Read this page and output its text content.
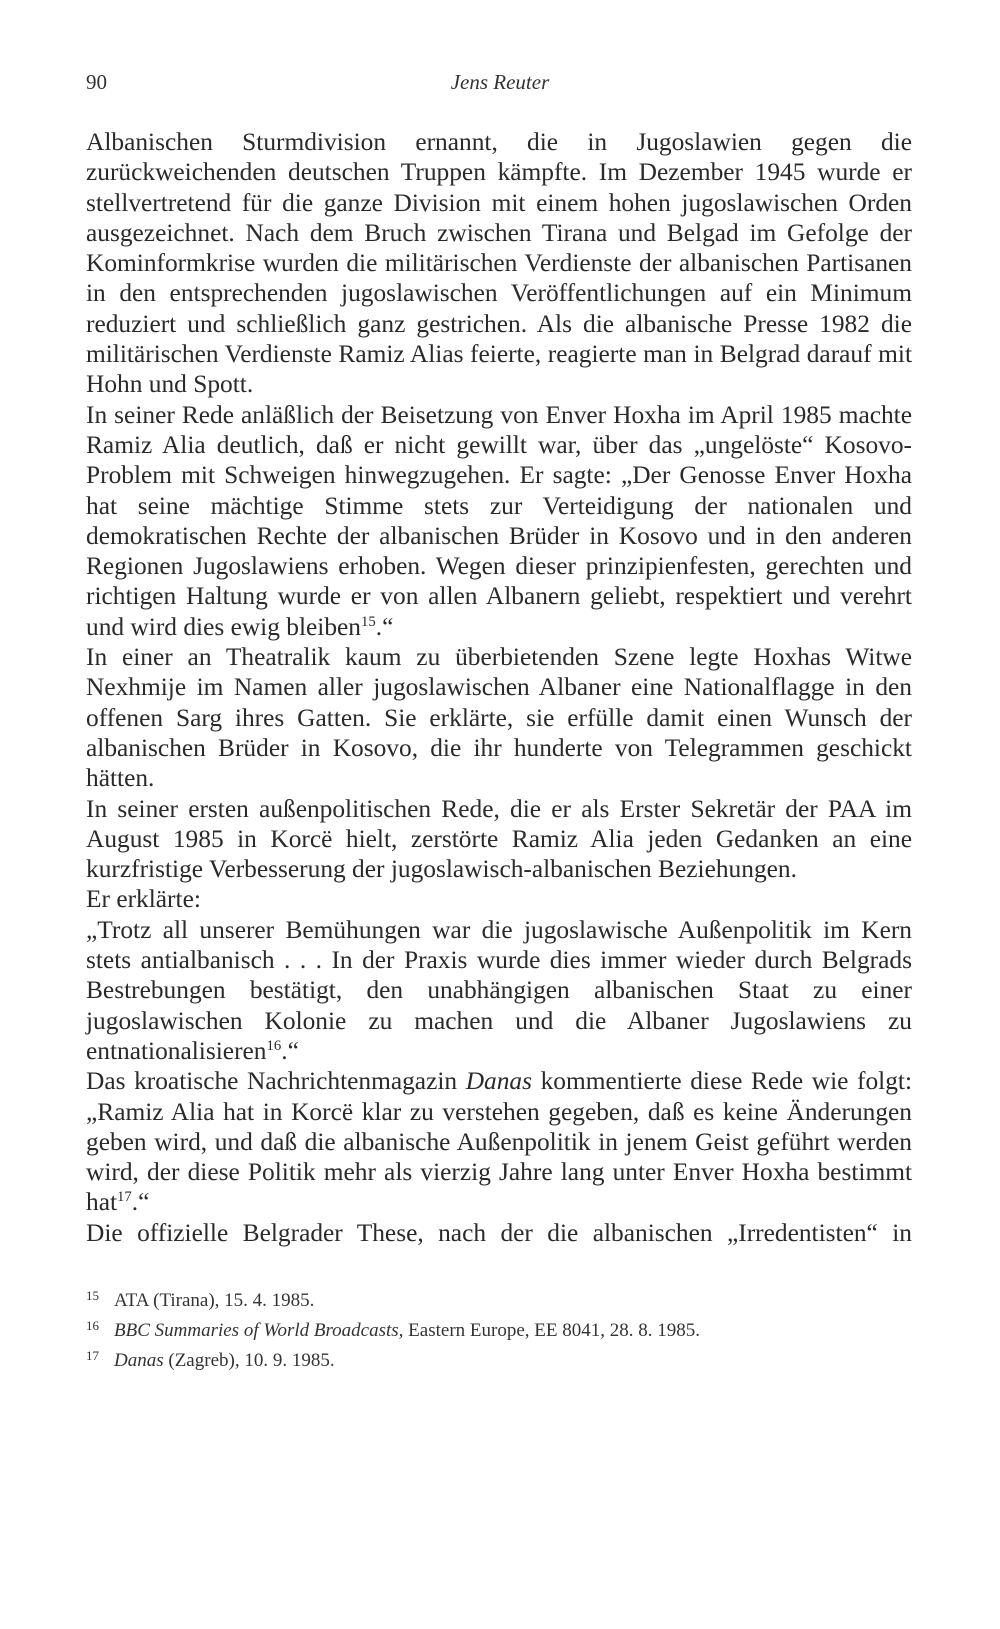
90	Jens Reuter

Albanischen Sturmdivision ernannt, die in Jugoslawien gegen die zurückweichenden deutschen Truppen kämpfte. Im Dezember 1945 wurde er stellvertretend für die ganze Division mit einem hohen jugoslawischen Orden ausgezeichnet. Nach dem Bruch zwischen Tirana und Belgad im Gefolge der Kominformkrise wurden die militärischen Verdienste der albanischen Partisanen in den entsprechenden jugoslawischen Veröffentlichungen auf ein Minimum reduziert und schließlich ganz gestrichen. Als die albanische Presse 1982 die militärischen Verdienste Ramiz Alias feierte, reagierte man in Belgrad darauf mit Hohn und Spott.

In seiner Rede anläßlich der Beisetzung von Enver Hoxha im April 1985 machte Ramiz Alia deutlich, daß er nicht gewillt war, über das „ungelöste“ Kosovo-Problem mit Schweigen hinwegzugehen. Er sagte: „Der Genosse Enver Hoxha hat seine mächtige Stimme stets zur Verteidigung der nationalen und demokratischen Rechte der albanischen Brüder in Kosovo und in den anderen Regionen Jugoslawiens erhoben. Wegen dieser prinzipienfesten, gerechten und richtigen Haltung wurde er von allen Albanern geliebt, respektiert und verehrt und wird dies ewig bleiben$^{15}$.“

In einer an Theatralik kaum zu überbietenden Szene legte Hoxhas Witwe Nexhmije im Namen aller jugoslawischen Albaner eine Nationalflagge in den offenen Sarg ihres Gatten. Sie erklärte, sie erfülle damit einen Wunsch der albanischen Brüder in Kosovo, die ihr hunderte von Telegrammen geschickt hätten.

In seiner ersten außenpolitischen Rede, die er als Erster Sekretär der PAA im August 1985 in Korcë hielt, zerstörte Ramiz Alia jeden Gedanken an eine kurzfristige Verbesserung der jugoslawisch-albanischen Beziehungen.

Er erklärte:

„Trotz all unserer Bemühungen war die jugoslawische Außenpolitik im Kern stets antialbanisch . . . In der Praxis wurde dies immer wieder durch Belgrads Bestrebungen bestätigt, den unabhängigen albanischen Staat zu einer jugoslawischen Kolonie zu machen und die Albaner Jugoslawiens zu entnationalisieren$^{16}$.“

Das kroatische Nachrichtenmagazin Danas kommentierte diese Rede wie folgt: „Ramiz Alia hat in Korcë klar zu verstehen gegeben, daß es keine Änderungen geben wird, und daß die albanische Außenpolitik in jenem Geist geführt werden wird, der diese Politik mehr als vierzig Jahre lang unter Enver Hoxha bestimmt hat$^{17}$.“

Die offizielle Belgrader These, nach der die albanischen „Irredentisten“ in

15 ATA (Tirana), 15. 4. 1985.

16 BBC Summaries of World Broadcasts, Eastern Europe, EE 8041, 28. 8. 1985.

17 Danas (Zagreb), 10. 9. 1985.
